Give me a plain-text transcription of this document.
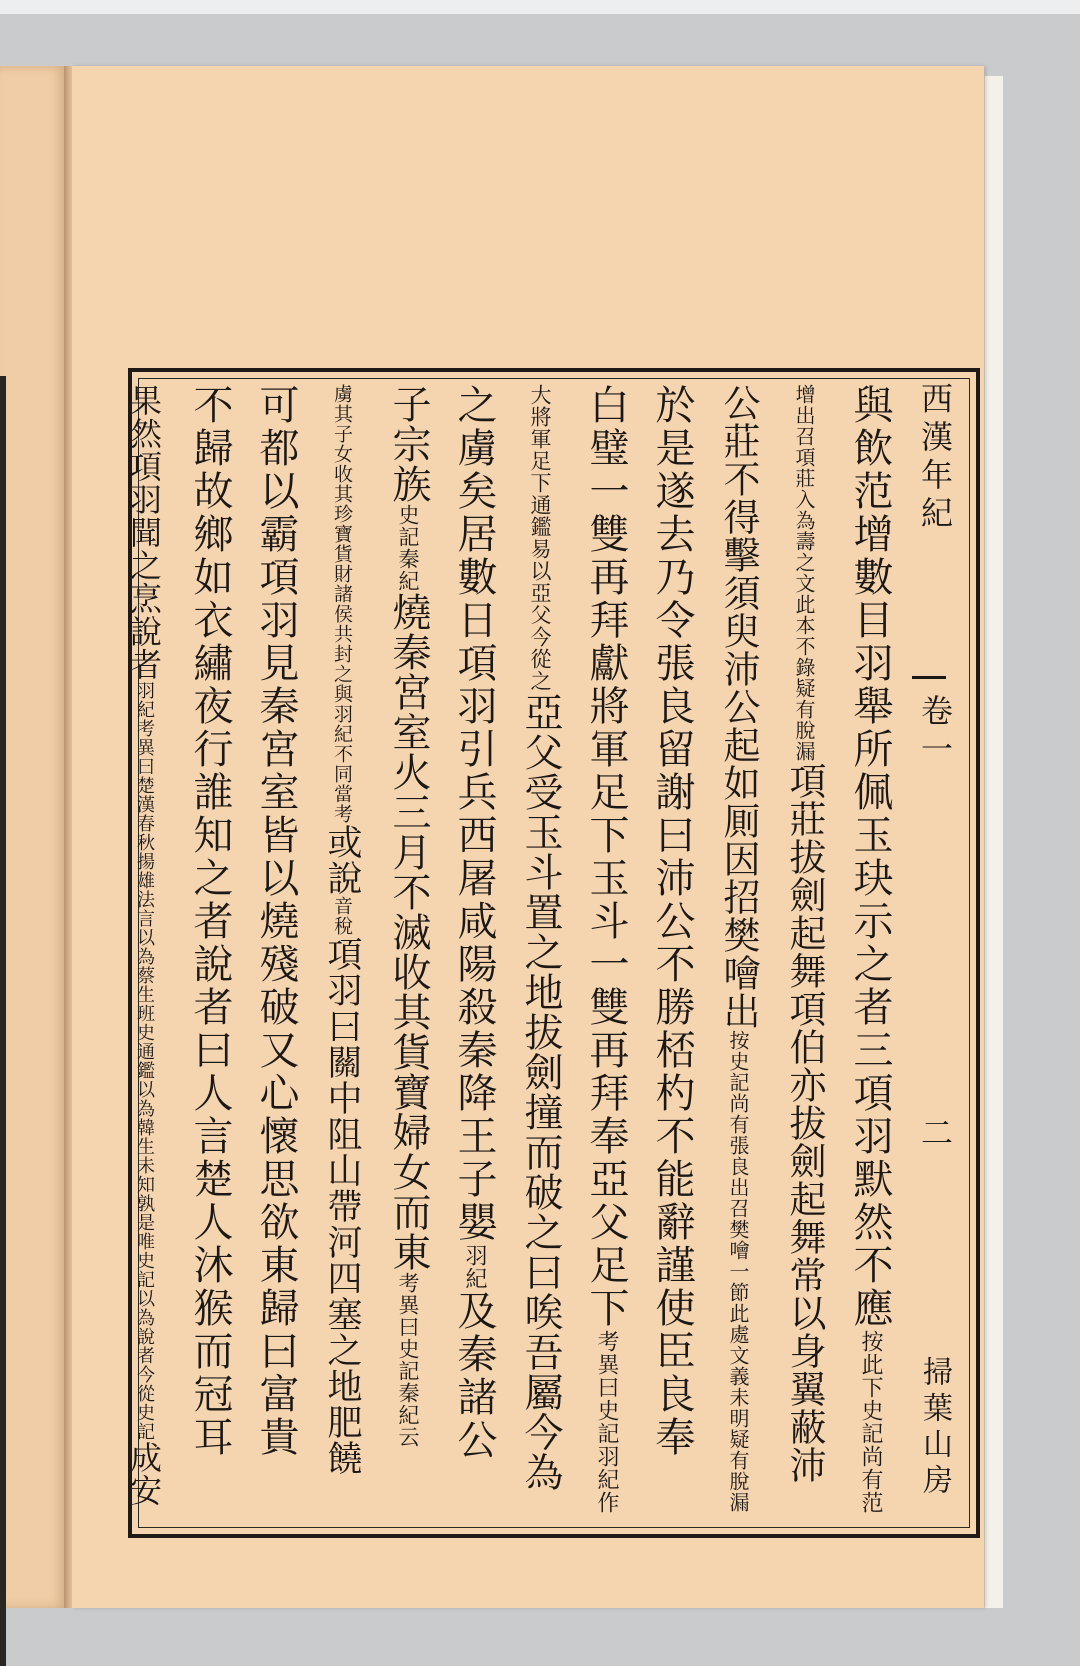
西漢年紀
卷一
二
掃葉山房
與飲范增數目羽舉所佩玉玦示之者三項羽默然不應按此下史記尚有范
增出召項莊入為壽之文此本不錄疑有脫漏項莊拔劍起舞項伯亦拔劍起舞常以身翼蔽沛
公莊不得擊須臾沛公起如厠因招樊噲出按史記尚有張良出召樊噲一節此處文義未明疑有脫漏
於是遂去乃令張良留謝曰沛公不勝桮杓不能辭謹使臣良奉
白璧一雙再拜獻將軍足下玉斗一雙再拜奉亞父足下考異曰史記羽紀作
大將軍足下通鑑易以亞父今從之亞父受玉斗置之地拔劍撞而破之曰唉吾屬今為
之虜矣居數日項羽引兵西屠咸陽殺秦降王子嬰羽紀及秦諸公
子宗族史記秦紀燒秦宮室火三月不滅收其貨寶婦女而東考異曰史記秦紀云
虜其子女收其珍寶貨財諸侯共封之與羽紀不同當考或說音稅項羽曰關中阻山帶河四塞之地肥饒
可都以霸項羽見秦宮室皆以燒殘破又心懷思欲東歸曰富貴
不歸故鄉如衣繡夜行誰知之者說者曰人言楚人沐猴而冠耳
果然項羽聞之烹說者羽紀考異曰楚漢春秋揚雄法言以為蔡生班史通鑑以為韓生未知孰是唯史記以為說者今從史記成安
